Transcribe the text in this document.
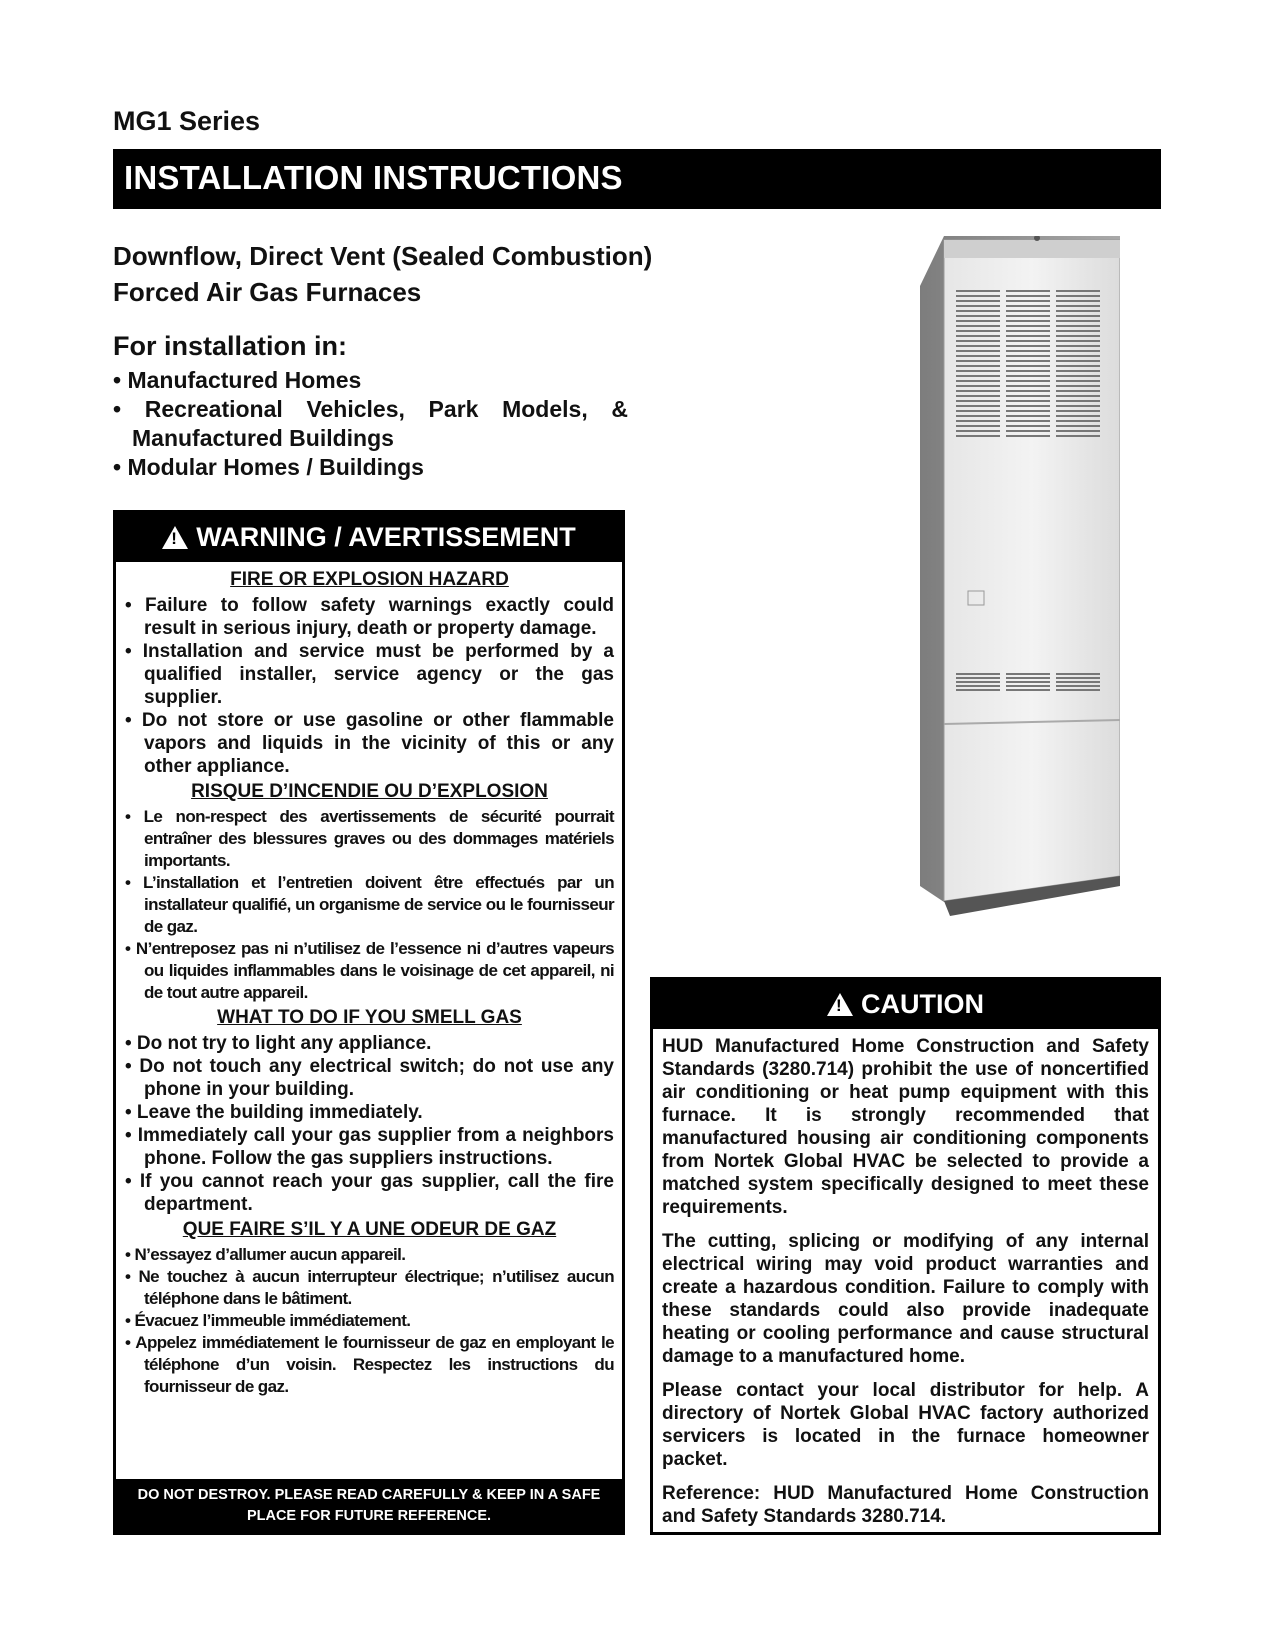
MG1 Series
INSTALLATION INSTRUCTIONS
Downflow, Direct Vent (Sealed Combustion)
Forced Air Gas Furnaces
For installation in:
• Manufactured Homes
• Recreational Vehicles, Park Models, & Manufactured Buildings
• Modular Homes / Buildings
!WARNING / AVERTISSEMENT
FIRE OR EXPLOSION HAZARD
• Failure to follow safety warnings exactly could result in serious injury, death or property damage.
• Installation and service must be performed by a qualified installer, service agency or the gas supplier.
• Do not store or use gasoline or other flammable vapors and liquids in the vicinity of this or any other appliance.
RISQUE D’INCENDIE OU D’EXPLOSION
• Le non-respect des avertissements de sécurité pourrait entraîner des blessures graves ou des dommages matériels importants.
• L’installation et l’entretien doivent être effectués par un installateur qualifié, un organisme de service ou le fournisseur de gaz.
• N’entreposez pas ni n’utilisez de l’essence ni d’autres vapeurs ou liquides inflammables dans le voisinage de cet appareil, ni de tout autre appareil.
WHAT TO DO IF YOU SMELL GAS
• Do not try to light any appliance.
• Do not touch any electrical switch; do not use any phone in your building.
• Leave the building immediately.
• Immediately call your gas supplier from a neighbors phone. Follow the gas suppliers instructions.
• If you cannot reach your gas supplier, call the fire department.
QUE FAIRE S’IL Y A UNE ODEUR DE GAZ
• N’essayez d’allumer aucun appareil.
• Ne touchez à aucun interrupteur électrique; n’utilisez aucun téléphone dans le bâtiment.
• Évacuez l’immeuble immédiatement.
• Appelez immédiatement le fournisseur de gaz en employant le téléphone d’un voisin. Respectez les instructions du fournisseur de gaz.
DO NOT DESTROY. PLEASE READ CAREFULLY & KEEP IN A SAFE PLACE FOR FUTURE REFERENCE.
!CAUTION

HUD Manufactured Home Construction and Safety Standards (3280.714) prohibit the use of noncertified air conditioning or heat pump equipment with this furnace. It is strongly recommended that manufactured housing air conditioning components from Nortek Global HVAC be selected to provide a matched system specifically designed to meet these requirements.

The cutting, splicing or modifying of any internal electrical wiring may void product warranties and create a hazardous condition. Failure to comply with these standards could also provide inadequate heating or cooling performance and cause structural damage to a manufactured home.

Please contact your local distributor for help. A directory of Nortek Global HVAC factory authorized servicers is located in the furnace homeowner packet.

Reference: HUD Manufactured Home Construction and Safety Standards 3280.714.
